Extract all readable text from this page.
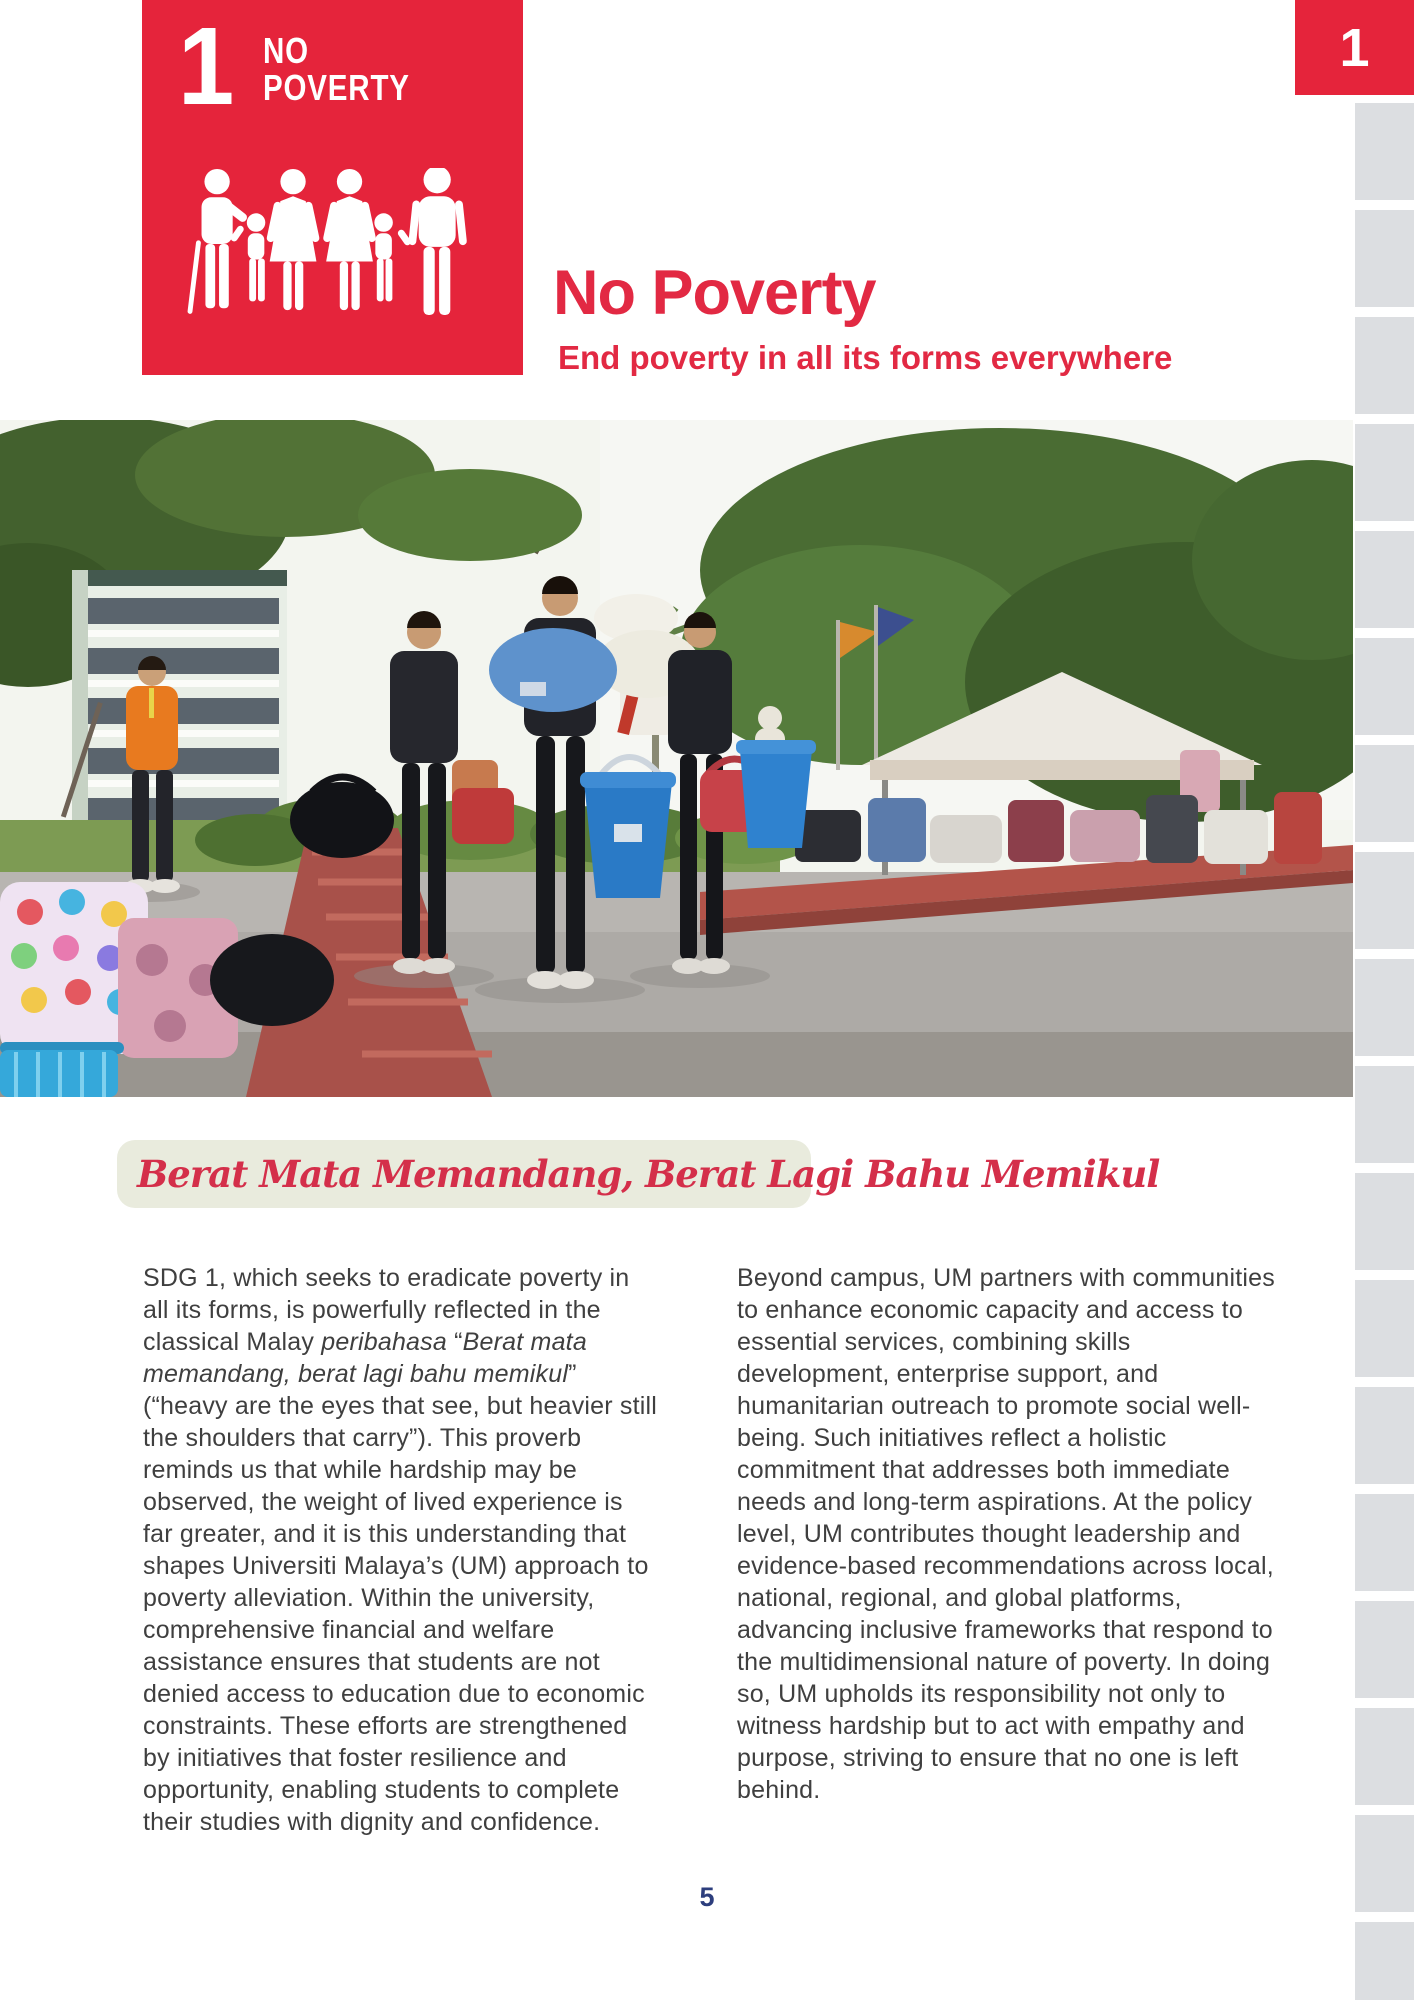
1 NO
POVERTY
1
No Poverty
End poverty in all its forms everywhere
Berat Mata Memandang, Berat Lagi Bahu Memikul

SDG 1, which seeks to eradicate poverty in all its forms, is powerfully reflected in the classical Malay peribahasa “Berat mata memandang, berat lagi bahu memikul” (“heavy are the eyes that see, but heavier still the shoulders that carry”). This proverb reminds us that while hardship may be observed, the weight of lived experience is far greater, and it is this understanding that shapes Universiti Malaya’s (UM) approach to poverty alleviation. Within the university, comprehensive financial and welfare assistance ensures that students are not denied access to education due to economic constraints. These efforts are strengthened by initiatives that foster resilience and opportunity, enabling students to complete their studies with dignity and confidence.

Beyond campus, UM partners with communities to enhance economic capacity and access to essential services, combining skills development, enterprise support, and humanitarian outreach to promote social well-being. Such initiatives reflect a holistic commitment that addresses both immediate needs and long-term aspirations. At the policy level, UM contributes thought leadership and evidence-based recommendations across local, national, regional, and global platforms, advancing inclusive frameworks that respond to the multidimensional nature of poverty. In doing so, UM upholds its responsibility not only to witness hardship but to act with empathy and purpose, striving to ensure that no one is left behind.

5
